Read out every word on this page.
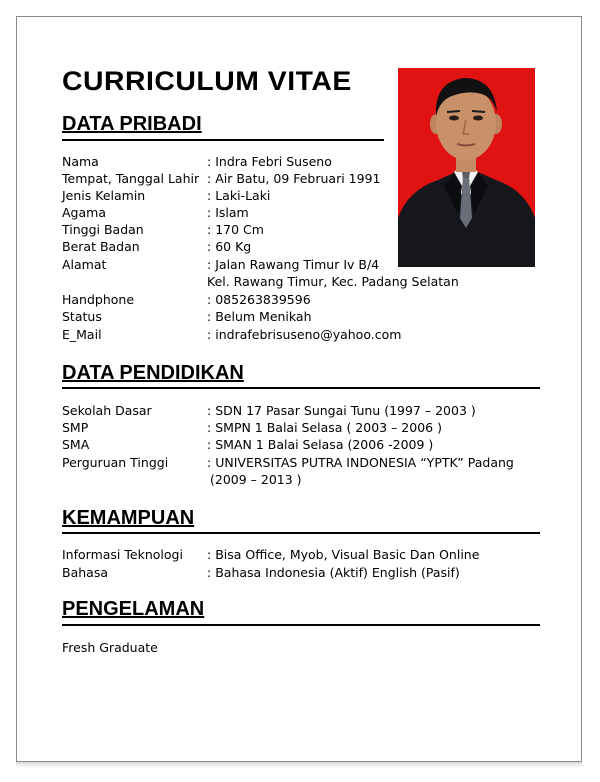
CURRICULUM VITAE
DATA PRIBADI
Nama	: Indra Febri Suseno
Tempat, Tanggal Lahir : Air Batu, 09 Februari 1991
Jenis Kelamin	: Laki-Laki
Agama	: Islam
Tinggi Badan	: 170 Cm
Berat Badan	: 60 Kg
Alamat	: Jalan Rawang Timur Iv B/4
Kel. Rawang Timur, Kec. Padang Selatan
Handphone	: 085263839596
Status	: Belum Menikah
E_Mail	: indrafebrisuseno@yahoo.com
DATA PENDIDIKAN
Sekolah Dasar	: SDN 17 Pasar Sungai Tunu (1997 – 2003 )
SMP	: SMPN 1 Balai Selasa ( 2003 – 2006 )
SMA	: SMAN 1 Balai Selasa (2006 -2009 )
Perguruan Tinggi	: UNIVERSITAS PUTRA INDONESIA “YPTK” Padang
(2009 – 2013 )
KEMAMPUAN
Informasi Teknologi : Bisa Office, Myob, Visual Basic Dan Online
Bahasa	: Bahasa Indonesia (Aktif) English (Pasif)
PENGELAMAN
Fresh Graduate
